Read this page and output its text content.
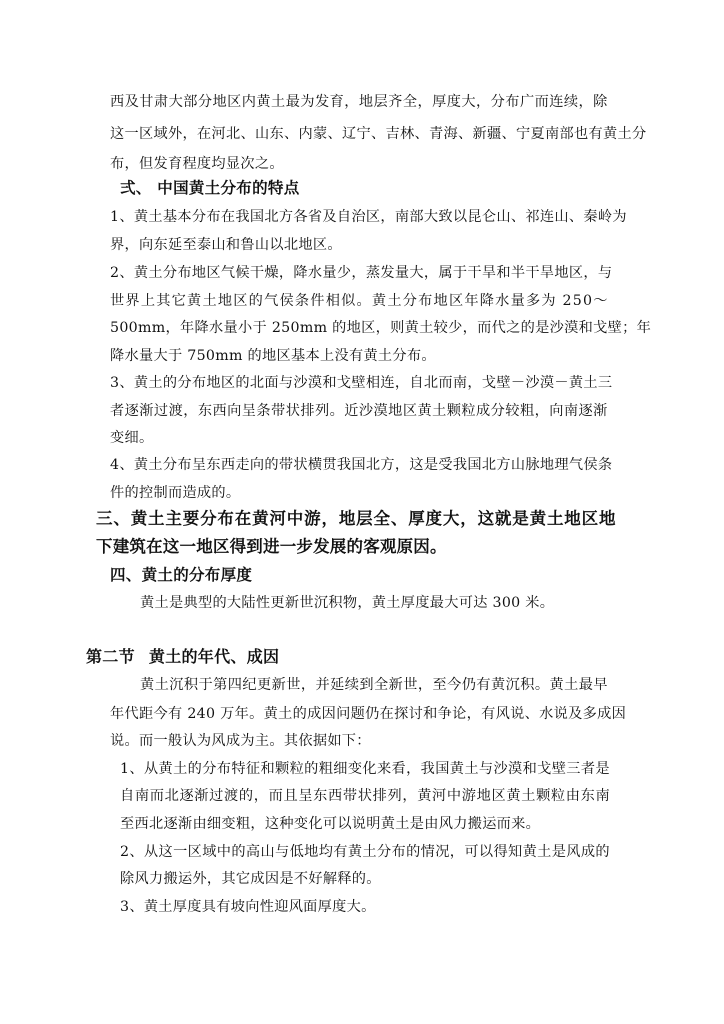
西 及 甘 肃 大 部 分 地 区 内 黄 土 最 为 发 育 ， 地 层 齐 全 ， 厚 度 大 ， 分 布 广 而 连 续 ， 除
这 一 区 域 外 ， 在 河 北 、 山 东 、 内 蒙 、 辽 宁 、 吉 林 、 青 海 、 新 疆 、 宁 夏 南 部 也 有 黄 土 分
布，但发育程度均显次之。
弍、 中国黄土分布的特点
1 、 黄 土 基 本 分 布 在 我 国 北 方 各 省 及 自 治 区 ， 南 部 大 致 以 昆 仑 山 、 祁 连 山 、 秦 岭 为
界，向东延至泰山和鲁山以北地区。
2 、 黄 土 分 布 地 区 气 候 干 燥 ， 降 水 量 少 ， 蒸 发 量 大 ， 属 于 干 旱 和 半 干 旱 地 区 ， 与
世 界 上 其 它 黄 土 地 区 的 气 侯 条 件 相 似 。 黄 土 分 布 地 区 年 降 水 量 多 为
2 5 0 ～
5 0 0 m m ， 年 降 水 量 小 于
2 5 0 m m
的 地 区 ， 则 黄 土 较 少 ， 而 代 之 的 是 沙 漠 和 戈 壁 ； 年
降水量大于 750mm 的地区基本上没有黄土分布。
3 、 黄 土 的 分 布 地 区 的 北 面 与 沙 漠 和 戈 壁 相 连 ， 自 北 而 南 ， 戈 壁 － 沙 漠 － 黄 土 三
者 逐 渐 过 渡 ， 东 西 向 呈 条 带 状 排 列 。 近 沙 漠 地 区 黄 土 颗 粒 成 分 较 粗 ， 向 南 逐 渐
变细。
4 、 黄 土 分 布 呈 东 西 走 向 的 带 状 横 贯 我 国 北 方 ， 这 是 受 我 国 北 方 山 脉 地 理 气 侯 条
件的控制而造成的。
三 、 黄 土 主 要 分 布 在 黄 河 中 游 ， 地 层 全 、 厚 度 大 ， 这 就 是 黄 土 地 区 地
下建筑在这一地区得到进一步发展的客观原因。
四、黄土的分布厚度
黄土是典型的大陆性更新世沉积物，黄土厚度最大可达 300 米。
第二节 黄土的年代、成因
黄 土 沉 积 于 第 四 纪 更 新 世 ， 并 延 续 到 全 新 世 ， 至 今 仍 有 黄 沉 积 。 黄 土 最 早
年 代 距 今 有
2 4 0
万 年 。 黄 土 的 成 因 问 题 仍 在 探 讨 和 争 论 ， 有 风 说 、 水 说 及 多 成 因
说。而一般认为风成为主。其依据如下：
1 、 从 黄 土 的 分 布 特 征 和 颗 粒 的 粗 细 变 化 来 看 ， 我 国 黄 土 与 沙 漠 和 戈 壁 三 者 是
自 南 而 北 逐 渐 过 渡 的 ， 而 且 呈 东 西 带 状 排 列 ， 黄 河 中 游 地 区 黄 土 颗 粒 由 东 南
至西北逐渐由细变粗，这种变化可以说明黄土是由风力搬运而来。
2 、 从 这 一 区 域 中 的 高 山 与 低 地 均 有 黄 土 分 布 的 情 况 ， 可 以 得 知 黄 土 是 风 成 的
除风力搬运外，其它成因是不好解释的。
3、黄土厚度具有坡向性迎风面厚度大。
